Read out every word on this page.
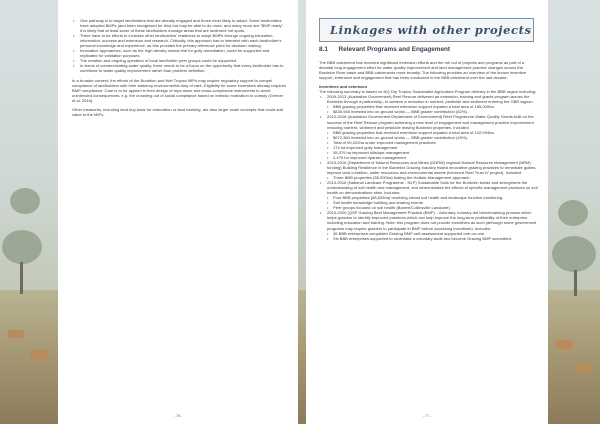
• One pathway is to target landholders that are already engaged and those most likely to adopt. Some landholders have adopted BMPs (and been recognised for this) but may be able to do more, and many more are "BMP ready". It is likely that at least some of these landholders manage areas that are sediment hot spots.
• There have to be efforts to increase other landholders' readiness to adopt BMPs through ongoing education, information, success and extension and research. Critically, this approach has to intersect with each landholder's personal knowledge and experience, as this provides the primary reference point for decision making.
• Innovative approaches, such as the high density animal trial for gully remediation, could be supported and replicated for validation purposes.
• The creation and ongoing operation of local landholder peer groups could be supported.
• In terms of communicating water quality, there needs to be a focus on the opportunity that every landholder has to contribute to water quality improvement rather than problem definition.

In a broader context, the efforts of the Burdekin and Wet Tropics MIPs may require regulatory support to compel compliance of landholders with their statutory environmental duty of care. Eligibility for some incentives already requires BMP compliance. Care is to be applied in their design of reps alone and cross-compliance instruments to avoid unintended consequences, e.g. the crowding out of social compliance based on intrinsic motivation to comply (Greiner et al. 2016).

Other measures, including land buy-back for restoration or land banking, are also larger scale concepts that could add value to the MIPs.

- 76 -
Linkages with other projects
8.1      Relevant Programs and Engagement

The BBB catchment has received significant extension efforts and the roll out of projects and programs as part of a decadal long engagement effort for water quality improvement and land management practice changes across the Burdekin River basin and BBB catchments more broadly. The following provides an overview of the known incentive support, extension and engagement that has been conducted in the BBB catchment over the last decade.

Incentives and extension

The following summary is based on NQ Dry Tropics Sustainable Agriculture Program delivery in the BBB region including:

• 2009-2013 (Australian Government) Reef Rescue delivered an extension, training and grants program across the Burdekin through a partnership, to achieve a reduction in nutrient, pesticide and sediment entering the GBR lagoon.
• BBB grazing properties that received extension support equaled a total area of 165,000ha.
• $835,946 invested into on-ground works — BBB grazier contribution (62%).
• 2013-2016 (Australian Government Department of Environment) Reef Programme Water Quality Grants built on the success of the Reef Rescue program achieving a new level of engagement and management practice improvement reducing nutrient, sediment and pesticide leaving Burdekin properties. Included:
• BBB grazing properties that received extension support equaled a total area of 142,094ha.
• $672,384 invested into on-ground works — BBB grazier contribution (49%).
• Total of 90,022ha under improved management practices:
• 174 ha improved gully management
• 35,379 ha improved hillslope management
• 2,479 ha improved riparian management
• 2013-2016 (Department of Natural Resources and Mines (DNRM) regional Natural Resource Management (NRM) funding) Building Resilience in the Burdekin Grazing Industry trialed innovative grazing practices to remediate gullies, improve land condition, water resources and environmental assets (informed Reef Trust IV project). Included:
• Three BBB properties (55,000ha) trialing the Holistic Management approach.
• 2013-2016 (National Landcare Programme - NLP) Sustainable Soils for the Burdekin builds and strengthens the understanding of soil health and management, and demonstrates the effects of specific management practices on soil health on demonstrations sites. Includes:
• Four BBB properties (68,825ha) receiving robust soil health and landscape function monitoring.
• Soil health knowledge building and sharing events.
• Peer groups focused on soil health (Bowen/Collinsville Landcare).
• 2013-2020 (QSP Grazing Best Management Practice (BMP) - Voluntary, industry-led benchmarking process which helps graziers to identify improved practices which can help improve the long-term profitability of their enterprise including education and training. Note: this program does not provide incentives as such (although some government programs may require graziers to participate in BMP before accessing incentives). Includes:
• 36 BBB enterprises completed Grazing BMP self-assessment supported one-on-one.
• Six BBB enterprises supported to undertake a voluntary audit and become Grazing BMP accredited.
- 77 -
